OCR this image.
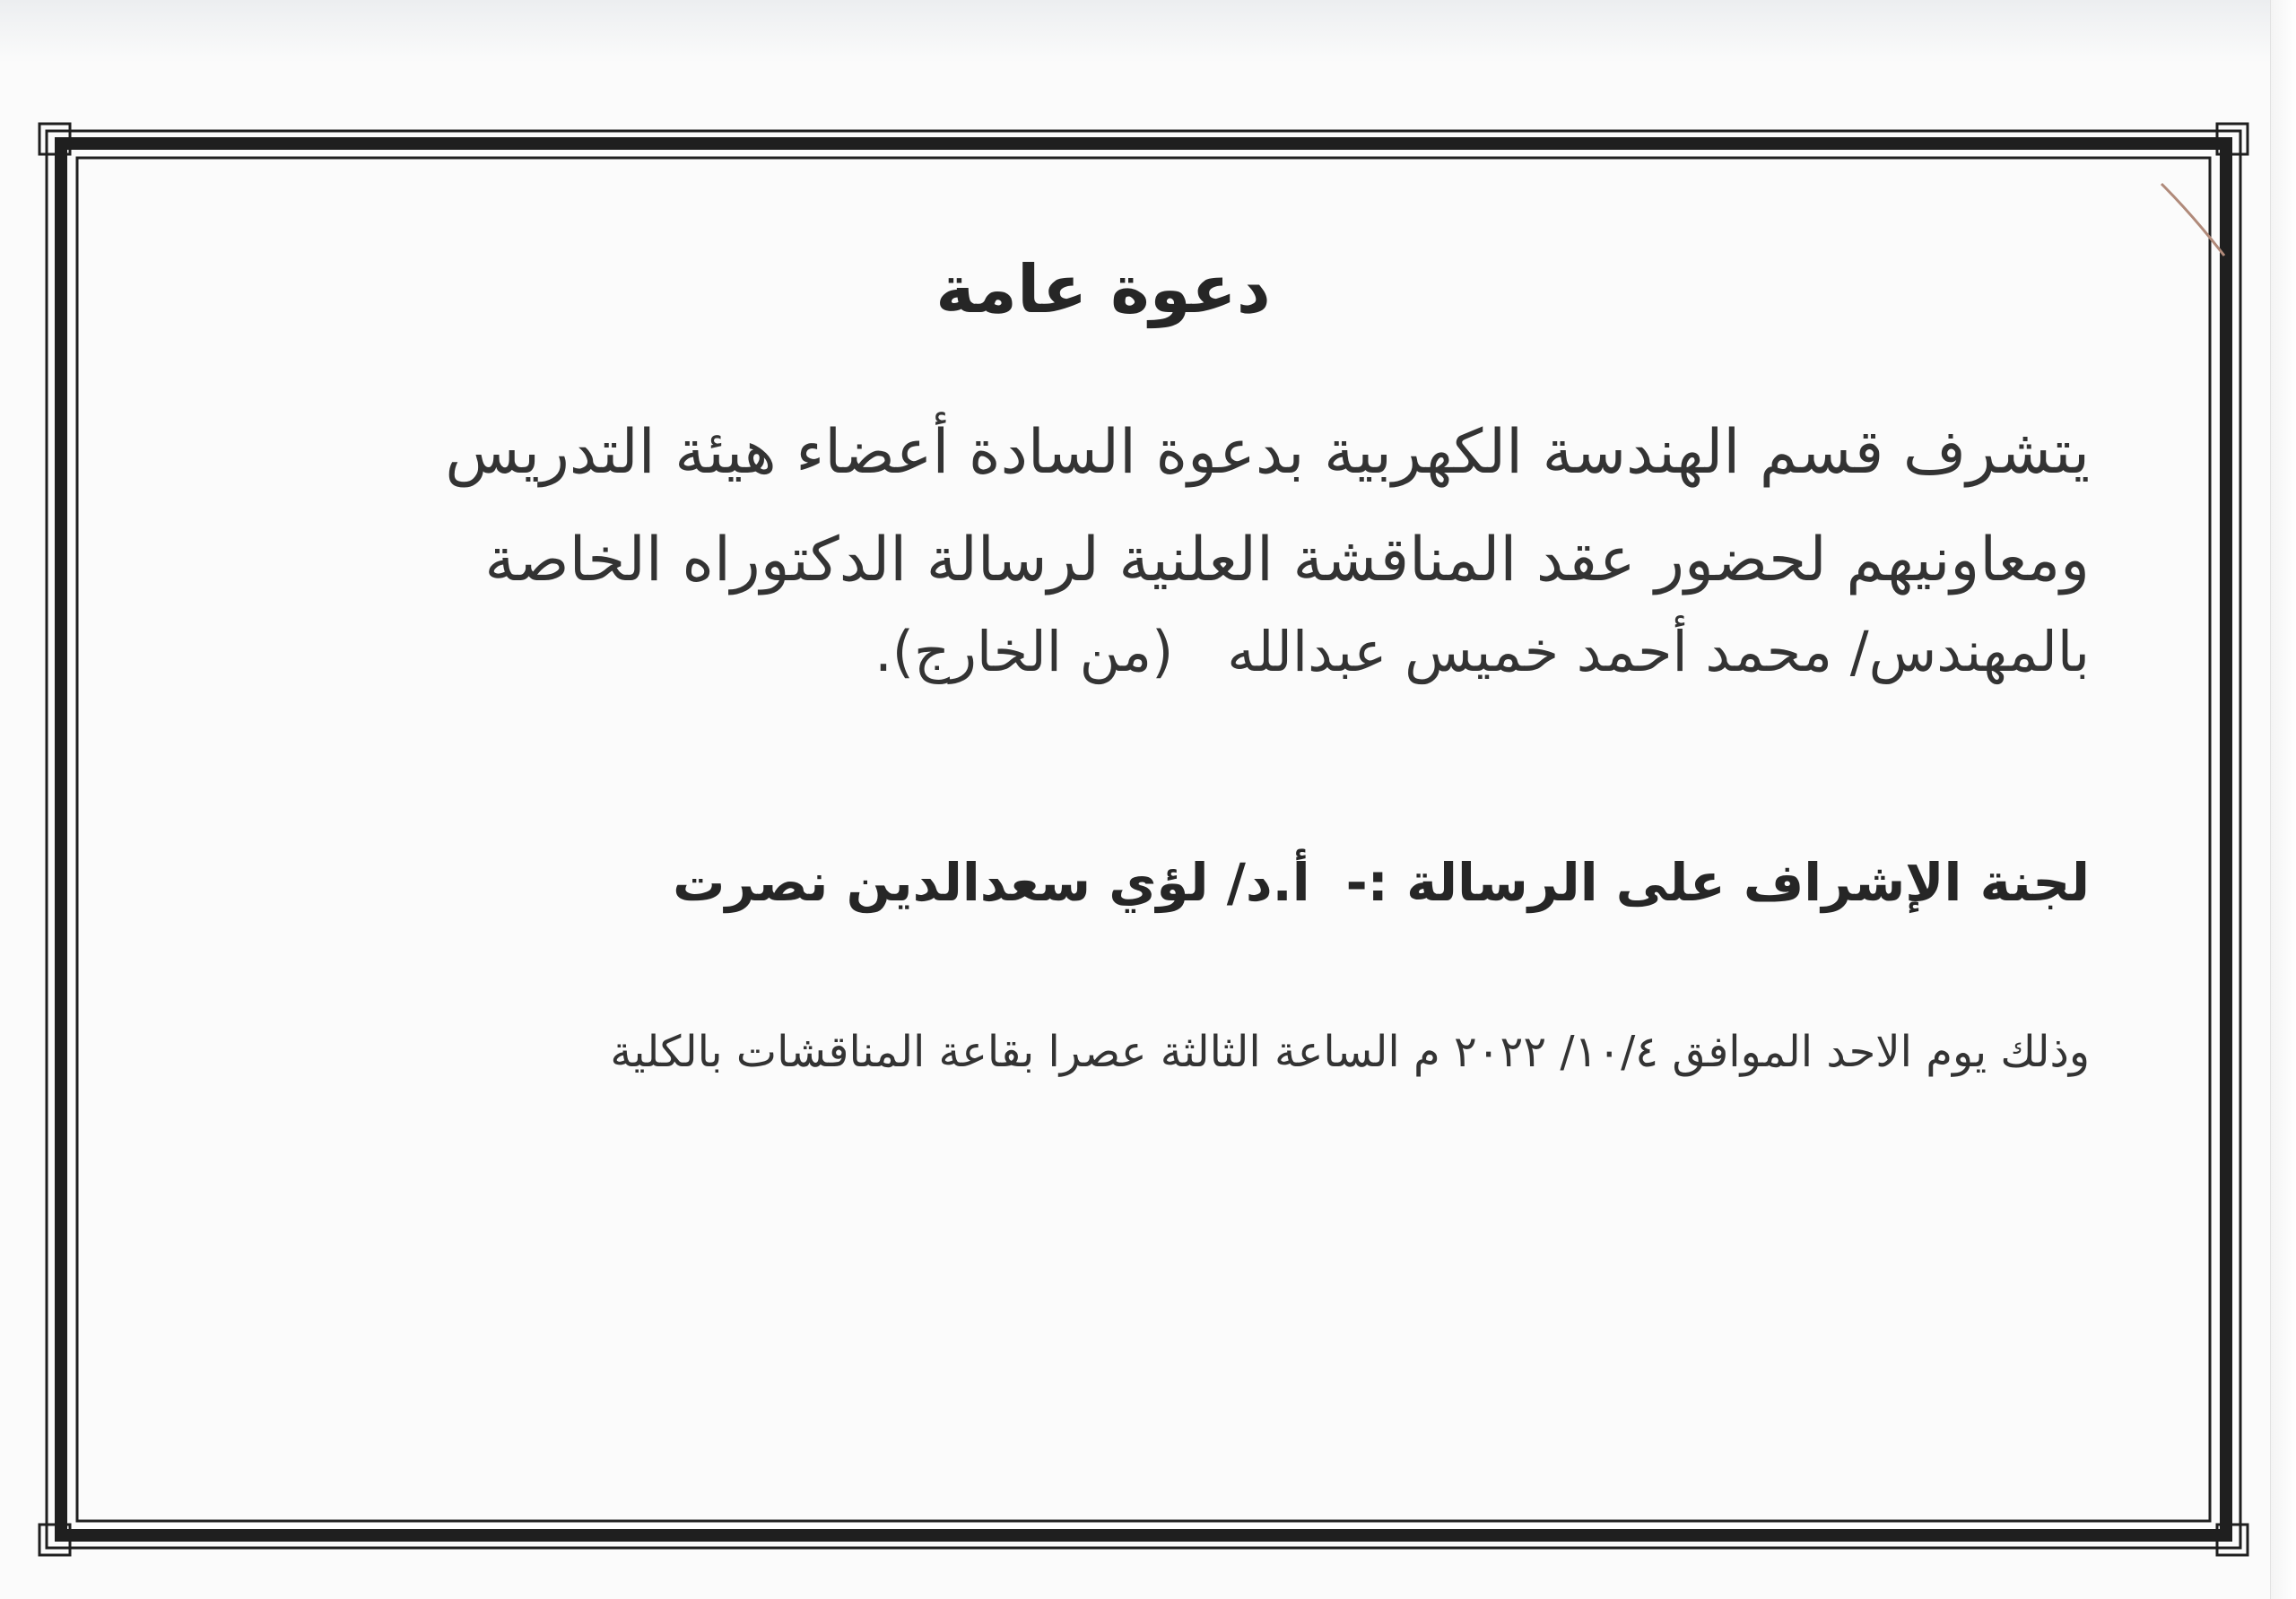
دعوة عامة
يتشرف قسم الهندسة الكهربية بدعوة السادة أعضاء هيئة التدريس
ومعاونيهم لحضور عقد المناقشة العلنية لرسالة الدكتوراه الخاصة
بالمهندس/ محمد أحمد خميس عبدالله(من الخارج).
لجنة الإشراف على الرسالة :-أ.د/ لؤي سعدالدين نصرت
وذلك يوم الاحد الموافق ١٠/٤/ ٢٠٢٢ م الساعة الثالثة عصرا بقاعة المناقشات بالكلية
